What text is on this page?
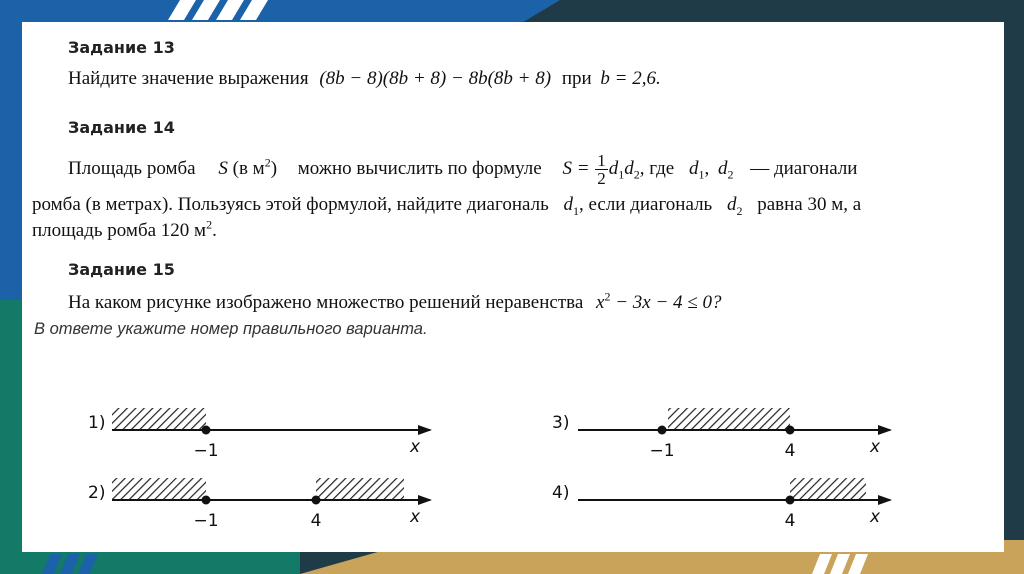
Задание 13
Найдите значение выражения (8b − 8)(8b + 8) − 8b(8b + 8) при b = 2,6.
Задание 14
Площадь ромба S (в $м^2$) можно вычислить по формуле $S = \frac{1}{2} d_1d_2$, где $d_1$, $d_2$ — диагонали
ромба (в метрах). Пользуясь этой формулой, найдите диагональ $d_1$, если диагональ $d_2$ равна 30 м, а
площадь ромба 120 $м^2$.
Задание 15
На каком рисунке изображено множество решений неравенства $x^2 - 3x - 4 \le 0$?
В ответе укажите номер правильного варианта.
−1
1)
x
−1	4
2)
x
−1	4
3)
x
4
4)
x
